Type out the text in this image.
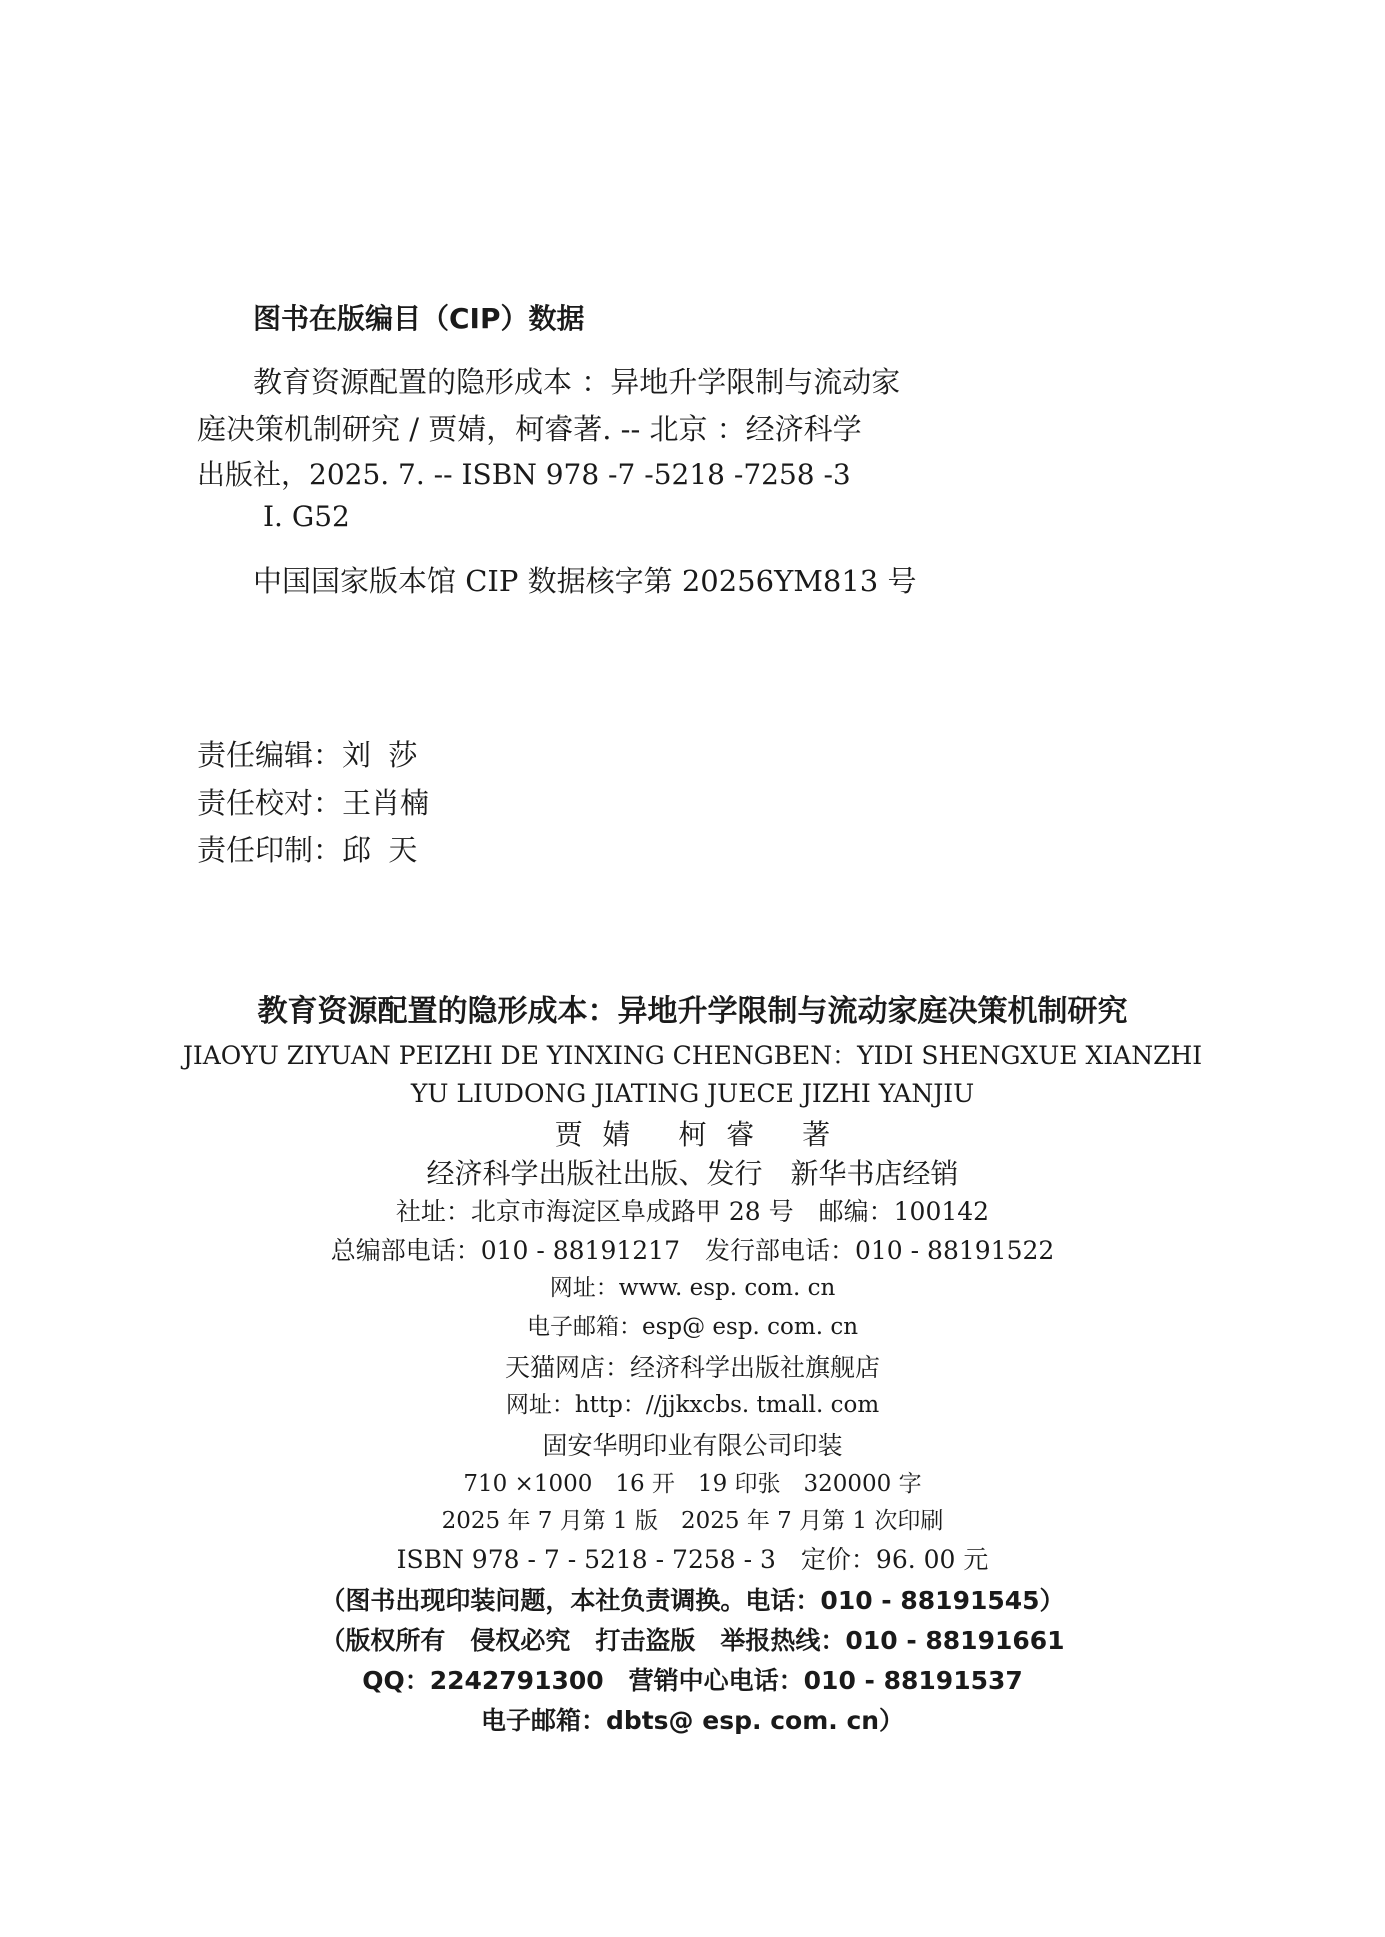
图书在版编目（CIP）数据
教育资源配置的隐形成本 ：异地升学限制与流动家
庭决策机制研究 / 贾婧，柯睿著. -- 北京 ：经济科学
出版社，2025. 7. -- ISBN 978 -7 -5218 -7258 -3
Ⅰ. G52
中国国家版本馆 CIP 数据核字第 20256YM813 号
责任编辑：刘莎
责任校对：王肖楠
责任印制：邱天
教育资源配置的隐形成本：异地升学限制与流动家庭决策机制研究
JIAOYU ZIYUAN PEIZHI DE YINXING CHENGBEN：YIDI SHENGXUE XIANZHI
YU LIUDONG JIATING JUECE JIZHI YANJIU
贾婧 柯睿 著
经济科学出版社出版、发行　新华书店经销
社址：北京市海淀区阜成路甲 28 号　邮编：100142
总编部电话：010 - 88191217　发行部电话：010 - 88191522
网址：www. esp. com. cn
电子邮箱：esp@ esp. com. cn
天猫网店：经济科学出版社旗舰店
网址：http：//jjkxcbs. tmall. com
固安华明印业有限公司印装
710 ×1000　16 开　19 印张　320000 字
2025 年 7 月第 1 版　2025 年 7 月第 1 次印刷
ISBN 978 - 7 - 5218 - 7258 - 3　定价：96. 00 元
（图书出现印装问题，本社负责调换。电话：010 - 88191545）
（版权所有　侵权必究　打击盗版　举报热线：010 - 88191661
QQ：2242791300　营销中心电话：010 - 88191537
电子邮箱：dbts@ esp. com. cn）
